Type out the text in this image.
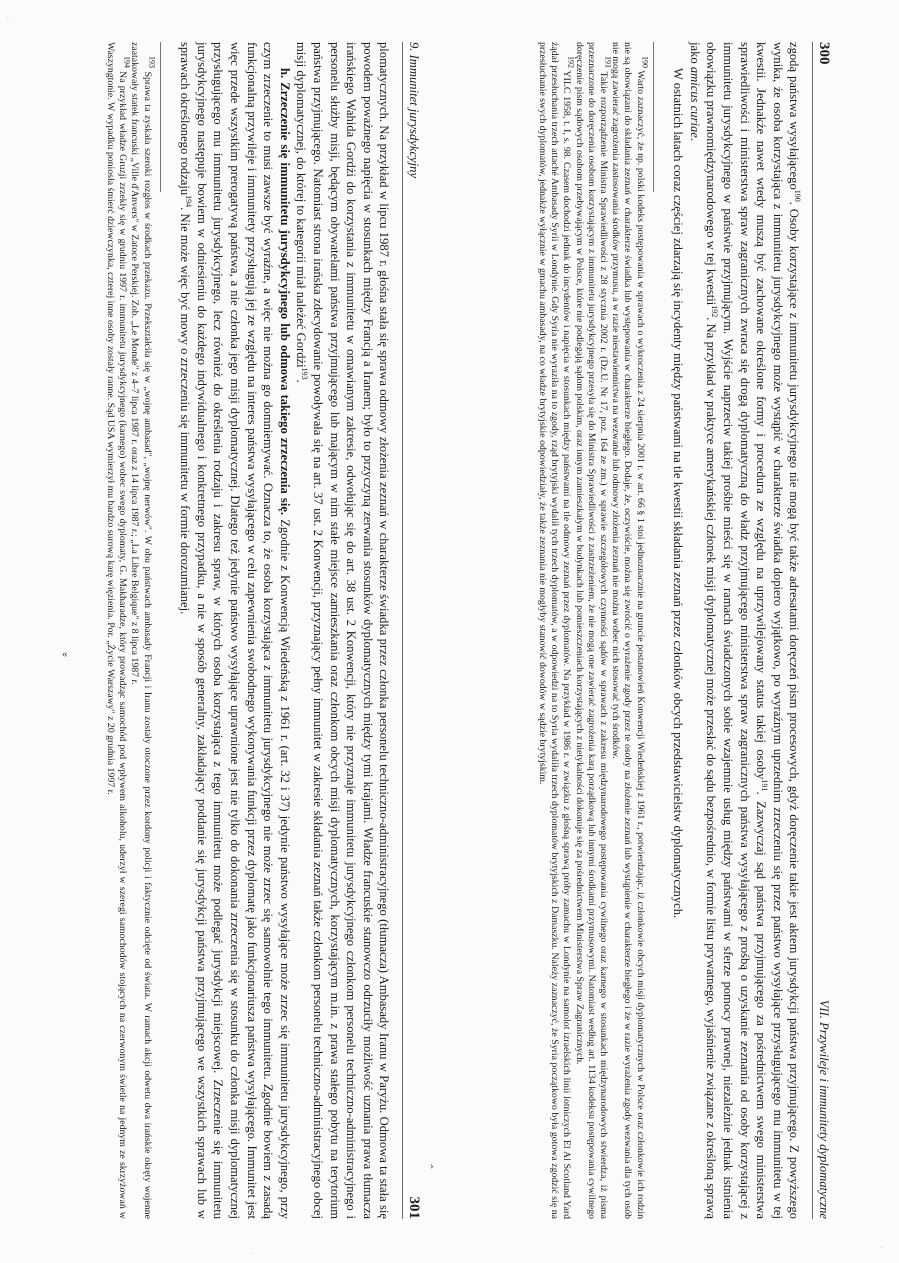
·
·
·
«
›
300
VII. Przywileje i immunitety dyplomatyczne

zgodą państwa wysyłającego$^{190}$. Osoby korzystające z immunitetu jurysdykcyjnego nie mogą być także adresatami doręczeń pism procesowych, gdyż doręczenie takie jest aktem jurysdykcji państwa przyjmującego. Z powyższego wynika, że osoba korzystająca z immunitetu jurysdykcyjnego może wystąpić w charakterze świadka dopiero wyjątkowo, po wyraźnym uprzednim zrzeczeniu się przez państwo wysyłające przysługującego mu immunitetu w tej kwestii. Jednakże nawet wtedy muszą być zachowane określone formy i procedura ze względu na uprzywilejowany status takiej osoby$^{191}$. Zazwyczaj sąd państwa przyjmującego za pośrednictwem swego ministerstwa sprawiedliwości i ministerstwa spraw zagranicznych zwraca się drogą dyplomatyczną do władz przyjmującego ministerstwa spraw zagranicznych państwa wysyłającego z prośbą o uzyskanie zeznania od osoby korzystającej z immunitetu jurysdykcyjnego w państwie przyjmującym. Wyjście naprzeciw takiej prośbie mieści się w ramach świadczonych sobie wzajemnie usług między państwami w sferze pomocy prawnej, niezależnie jednak istnienia obowiązku prawnomiędzynarodowego w tej kwestii$^{192}$. Na przykład w praktyce amerykańskiej członek misji dyplomatycznej może przesłać do sądu bezpośrednio, w formie listu prywatnego, wyjaśnienie związane z określoną sprawą jako amicus curiae.

W ostatnich latach coraz częściej zdarzają się incydenty między państwami na tle kwestii składania zeznań przez członków obcych przedstawicielstw dyplomatycznych.

$^{190}$ Warto zaznaczyć, że np. polski kodeks postępowania w sprawach o wykroczenia z 24 sierpnia 2001 r. w art. 66 § 1 stoi jednoznacznie na gruncie postanowień Konwencji Wiedeńskiej z 1961 r., potwierdzając, iż członkowie obcych misji dyplomatycznych w Polsce oraz członkowie ich rodzin nie są obowiązani do składania zeznań w charakterze świadka lub występowania w charakterze biegłego. Dodaje, że, oczywiście, można się zwrócić o wyrażenie zgody przez te osoby na złożenie zeznań lub wystąpienie w charakterze biegłego i że w razie wyrażenia zgody wezwania dla tych osób nie mogą zawierać zagrożenia zastosowania środków przymusu, a w razie niestawiennictwa na wezwanie lub odmowy złożenia zeznań nie można wobec nich stosować tych środków.

$^{191}$ Takie rozporządzenie Ministra Sprawiedliwości z 28 stycznia 2002 r. (Dz.U. Nr 17, poz. 164 ze zm.) w sprawie szczegółowych czynności sądów w sprawach z zakresu międzynarodowego postępowania cywilnego oraz karnego w stosunkach międzynarodowych stwierdza, iż pisma przeznaczone do doręczenia osobom korzystającym z immunitetu jurysdykcyjnego przesyła się do Ministra Sprawiedliwości z zastrzeżeniem, że nie mogą one zawierać zagrożenia karą porządkową lub innymi środkami przymusowymi. Natomiast według art. 1134 kodeksu postępowania cywilnego doręczenie pism sądowych osobom przebywającym w Polsce, które nie podlegają sądom polskim, oraz innym zamieszkałym w budynkach lub pomieszczeniach korzystających z nietykalności dokonuje się za pośrednictwem Ministerstwa Spraw Zagranicznych.

$^{192}$ YILC 1958, t. I, s. 98. Czasem dochodzi jednak do incydentów i napięcia w stosunkach między państwami na tle odmowy zeznań przez dyplomatów. Na przykład w 1986 r. w związku z głośną sprawą próby zamachu w Londynie na samolot izraelskich linii lotniczych El Al Scotland Yard żądał przesłuchania trzech attaché Ambasady Syrii w Londynie. Gdy Syria nie wyraziła na to zgody, rząd brytyjski wydalił tych trzech dyplomatów, a w odpowiedzi na to Syria wydaliła trzech dyplomatów brytyjskich z Damaszku. Należy zaznaczyć, że Syria początkowo była gotowa zgodzić się na przesłuchanie swych dyplomatów, jednakże wyłącznie w gmachu ambasady, na co władze brytyjskie odpowiedziały, że także zeznania nie mogłyby stanowić dowodów w sądzie brytyjskim.

9. Immunitet jurysdykcyjny
301

plomatycznych. Na przykład w lipcu 1987 r. głośna stała się sprawa odmowy złożenia zeznań w charakterze świadka przez członka personelu techniczno-administracyjnego (tłumacza) Ambasady Iranu w Paryżu. Odmowa ta stała się powodem poważnego napięcia w stosunkach między Francją a Iranem; było to przyczyną zerwania stosunków dyplomatycznych między tymi krajami. Władze francuskie stanowczo odrzuciły możliwość uznania prawa tłumacza irańskiego Wahida Gordżi do korzystania z immunitetu w omawianym zakresie, odwołując się do art. 38 ust. 2 Konwencji, który nie przyznaje immunitetu jurysdykcyjnego członkom personelu techniczno-administracyjnego i personelu służby misji, będącym obywatelami państwa przyjmującego lub mającym w nim stałe miejsce zamieszkania oraz członkom obcych misji dyplomatycznych, korzystającym m.in. z prawa stałego pobytu na terytorium państwa przyjmującego. Natomiast strona irańska zdecydowanie powoływała się na art. 37 ust. 2 Konwencji, przyznający pełny immunitet w zakresie składania zeznań także członkom personelu techniczno-administracyjnego obcej misji dyplomatycznej, do której to kategorii miał należeć Gordżi$^{193}$.

h. Zrzeczenie się immunitetu jurysdykcyjnego lub odmowa takiego zrzeczenia się. Zgodnie z Konwencją Wiedeńską z 1961 r. (art. 32 i 37) jedynie państwo wysyłające może zrzec się immunitetu jurysdykcyjnego, przy czym zrzeczenie to musi zawsze być wyraźne, a więc nie można go domniemywać. Oznacza to, że osoba korzystająca z immunitetu jurysdykcyjnego nie może zrzec się samowolnie tego immunitetu. Zgodnie bowiem z zasadą funkcjonalną przywileje i immunitety przysługują jej ze względu na interes państwa wysyłającego w celu zapewnienia swobodnego wykonywania funkcji przez dyplomatę jako funkcjonariusza państwa wysyłającego. Immunitet jest więc przede wszystkim prerogatywą państwa, a nie członka jego misji dyplomatycznej. Dlatego też jedynie państwo wysyłające uprawnione jest nie tylko do dokonania zrzeczenia się w stosunku do członka misji dyplomatycznej przysługującego mu immunitetu jurysdykcyjnego, lecz również do określenia rodzaju i zakresu spraw, w których osoba korzystająca z tego immunitetu może podlegać jurysdykcji miejscowej. Zrzeczenie się immunitetu jurysdykcyjnego następuje bowiem w odniesieniu do każdego indywidualnego i konkretnego przypadku, a nie w sposób generalny, zakładający poddanie się jurysdykcji państwa przyjmującego we wszystkich sprawach lub w sprawach określonego rodzaju$^{194}$. Nie może więc być mowy o zrzeczeniu się immunitetu w formie dorozumianej.

$^{193}$ Sprawa ta zyskała szeroki rozgłos w środkach przekazu. Przekształciła się w „wojnę ambasad", „wojnę nerwów". W obu państwach ambasady Francji i Iranu zostały otoczone przez kordony policji i faktycznie odcięte od świata. W ramach akcji odwetu dwa irańskie okręty wojenne zaatakowały statek francuski „Ville d'Anvers" w Zatoce Perskiej. Zob. „Le Monde" z 4–7 lipca 1987 r. oraz z 14 lipca 1987 r.; „La Libre Belgique" z 8 lipca 1987 r.

$^{194}$ Na przykład władze Gruzji zrzekły się w grudniu 1997 r. immunitetu jurysdykcyjnego (karnego) wobec swego dyplomaty, G. Makharadze, który prowadząc samochód pod wpływem alkoholu, uderzył w szeregi samochodów stojących na czerwonym świetle na jednym ze skrzyżowań w Waszyngtonie. W wypadku poniosła śmierć dziewczynka, czterej inne osoby zostały ranne. Sąd USA wymierzył mu bardzo surową karę więzienia. Por. „Życie Warszawy" z 20 grudnia 1997 r.
